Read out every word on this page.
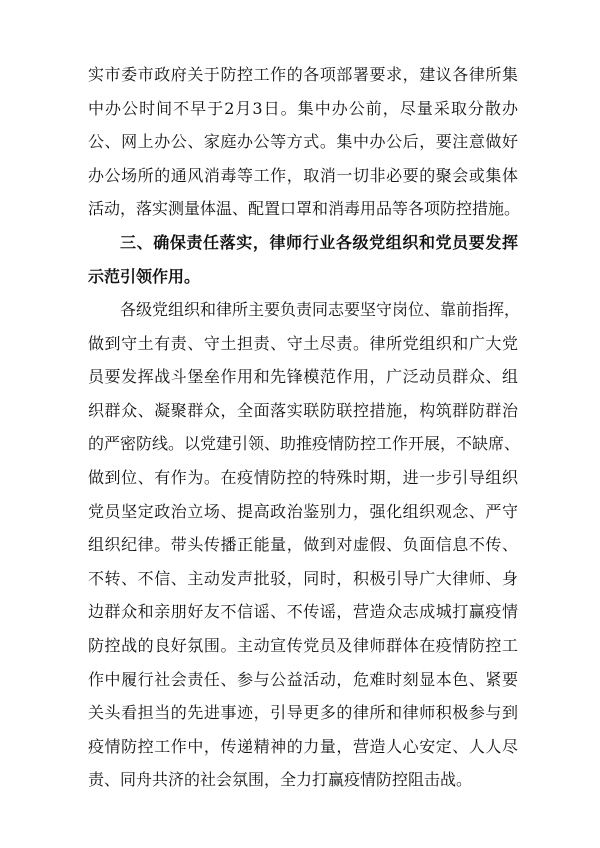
实市委市政府关于防控工作的各项部署要求，建议各律所集
中办公时间不早于2月3日。集中办公前，尽量采取分散办
公、网上办公、家庭办公等方式。集中办公后，要注意做好
办公场所的通风消毒等工作，取消一切非必要的聚会或集体
活动，落实测量体温、配置口罩和消毒用品等各项防控措施。
三、确保责任落实，律师行业各级党组织和党员要发挥
示范引领作用。
各级党组织和律所主要负责同志要坚守岗位、靠前指挥，
做到守土有责、守土担责、守土尽责。律所党组织和广大党
员要发挥战斗堡垒作用和先锋模范作用，广泛动员群众、组
织群众、凝聚群众，全面落实联防联控措施，构筑群防群治
的严密防线。以党建引领、助推疫情防控工作开展，不缺席、
做到位、有作为。在疫情防控的特殊时期，进一步引导组织
党员坚定政治立场、提高政治鉴别力，强化组织观念、严守
组织纪律。带头传播正能量，做到对虚假、负面信息不传、
不转、不信、主动发声批驳，同时，积极引导广大律师、身
边群众和亲朋好友不信谣、不传谣，营造众志成城打赢疫情
防控战的良好氛围。主动宣传党员及律师群体在疫情防控工
作中履行社会责任、参与公益活动，危难时刻显本色、紧要
关头看担当的先进事迹，引导更多的律所和律师积极参与到
疫情防控工作中，传递精神的力量，营造人心安定、人人尽
责、同舟共济的社会氛围，全力打赢疫情防控阻击战。
